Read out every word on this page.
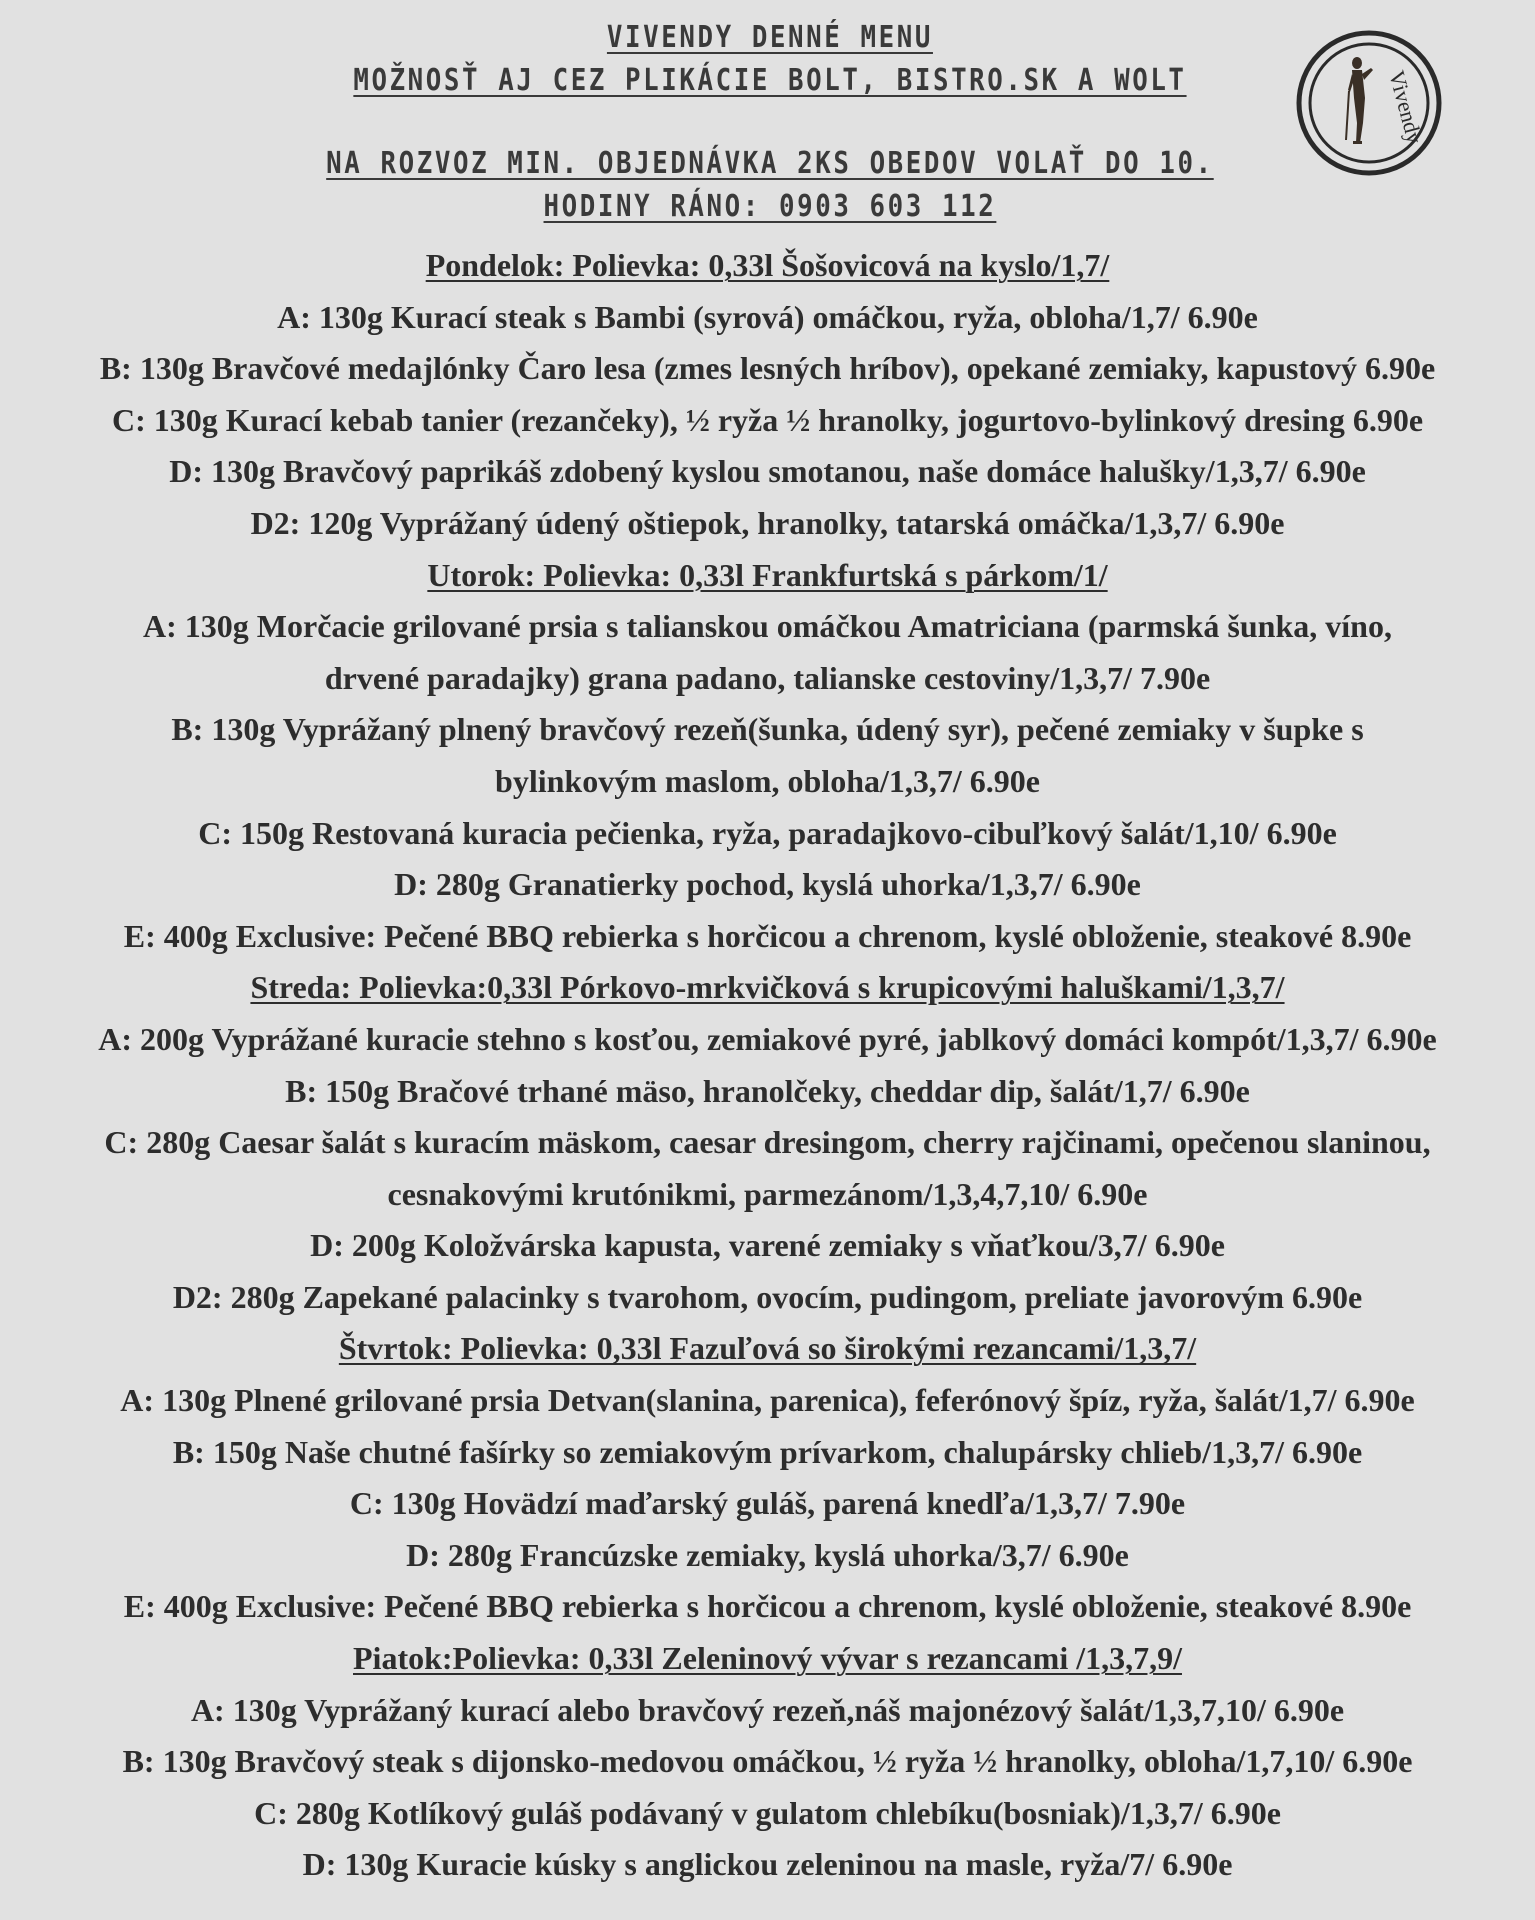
VIVENDY DENNÉ MENU
MOŽNOSŤ AJ CEZ PLIKÁCIE BOLT, BISTRO.SK A WOLT
NA ROZVOZ MIN. OBJEDNÁVKA 2KS OBEDOV VOLAŤ DO 10.
HODINY RÁNO: 0903 603 112
Vivendy
Pondelok: Polievka: 0,33l Šošovicová na kyslo/1,7/
A: 130g Kurací steak s Bambi (syrová) omáčkou, ryža, obloha/1,7/ 6.90e
B: 130g Bravčové medajlónky Čaro lesa (zmes lesných hríbov), opekané zemiaky, kapustový 6.90e
C: 130g Kurací kebab tanier (rezančeky), ½ ryža ½ hranolky, jogurtovo-bylinkový dresing 6.90e
D: 130g Bravčový paprikáš zdobený kyslou smotanou, naše domáce halušky/1,3,7/ 6.90e
D2: 120g Vyprážaný údený oštiepok, hranolky, tatarská omáčka/1,3,7/ 6.90e
Utorok: Polievka: 0,33l Frankfurtská s párkom/1/
A: 130g Morčacie grilované prsia s talianskou omáčkou Amatriciana (parmská šunka, víno,
drvené paradajky) grana padano, talianske cestoviny/1,3,7/ 7.90e
B: 130g Vyprážaný plnený bravčový rezeň(šunka, údený syr), pečené zemiaky v šupke s
bylinkovým maslom, obloha/1,3,7/ 6.90e
C: 150g Restovaná kuracia pečienka, ryža, paradajkovo-cibuľkový šalát/1,10/ 6.90e
D: 280g Granatierky pochod, kyslá uhorka/1,3,7/ 6.90e
E: 400g Exclusive: Pečené BBQ rebierka s horčicou a chrenom, kyslé obloženie, steakové 8.90e
Streda: Polievka:0,33l Pórkovo-mrkvičková s krupicovými haluškami/1,3,7/
A: 200g Vyprážané kuracie stehno s kosťou, zemiakové pyré, jablkový domáci kompót/1,3,7/ 6.90e
B: 150g Bračové trhané mäso, hranolčeky, cheddar dip, šalát/1,7/ 6.90e
C: 280g Caesar šalát s kuracím mäskom, caesar dresingom, cherry rajčinami, opečenou slaninou,
cesnakovými krutónikmi, parmezánom/1,3,4,7,10/ 6.90e
D: 200g Koložvárska kapusta, varené zemiaky s vňaťkou/3,7/ 6.90e
D2: 280g Zapekané palacinky s tvarohom, ovocím, pudingom, preliate javorovým 6.90e
Štvrtok: Polievka: 0,33l Fazuľová so širokými rezancami/1,3,7/
A: 130g Plnené grilované prsia Detvan(slanina, parenica), feferónový špíz, ryža, šalát/1,7/ 6.90e
B: 150g Naše chutné fašírky so zemiakovým prívarkom, chalupársky chlieb/1,3,7/ 6.90e
C: 130g Hovädzí maďarský guláš, parená knedľa/1,3,7/ 7.90e
D: 280g Francúzske zemiaky, kyslá uhorka/3,7/ 6.90e
E: 400g Exclusive: Pečené BBQ rebierka s horčicou a chrenom, kyslé obloženie, steakové 8.90e
Piatok:Polievka: 0,33l Zeleninový vývar s rezancami /1,3,7,9/
A: 130g Vyprážaný kurací alebo bravčový rezeň,náš majonézový šalát/1,3,7,10/ 6.90e
B: 130g Bravčový steak s dijonsko-medovou omáčkou, ½ ryža ½ hranolky, obloha/1,7,10/ 6.90e
C: 280g Kotlíkový guláš podávaný v gulatom chlebíku(bosniak)/1,3,7/ 6.90e
D: 130g Kuracie kúsky s anglickou zeleninou na masle, ryža/7/ 6.90e
